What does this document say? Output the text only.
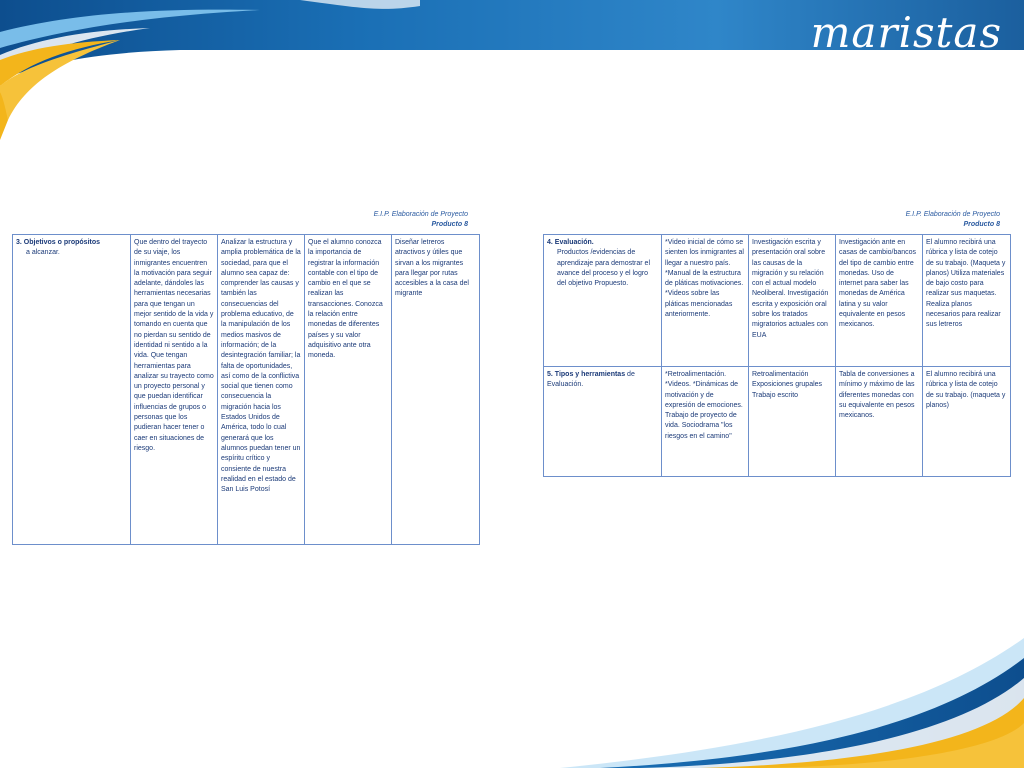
maristas
E.I.P. Elaboración de Proyecto
Producto 8
3. Objetivos o propósitos
a alcanzar.	Que dentro del trayecto de su viaje, los inmigrantes encuentren la motivación para seguir adelante, dándoles las herramientas necesarias para que tengan un mejor sentido de la vida y tomando en cuenta que no pierdan su sentido de identidad ni sentido a la vida. Que tengan herramientas para analizar su trayecto como un proyecto personal y que puedan identificar influencias de grupos o personas que los pudieran hacer tener o caer en situaciones de riesgo.	Analizar la estructura y amplia problemática de la sociedad, para que el alumno sea capaz de: comprender las causas y también las consecuencias del problema educativo, de la manipulación de los medios masivos de información; de la desintegración familiar; la falta de oportunidades, así como de la conflictiva social que tienen como consecuencia la migración hacia los Estados Unidos de América, todo lo cual generará que los alumnos puedan tener un espíritu crítico y consiente de nuestra realidad en el estado de San Luis Potosí	Que el alumno conozca la importancia de registrar la información contable con el tipo de cambio en el que se realizan las transacciones. Conozca la relación entre monedas de diferentes países y su valor adquisitivo ante otra moneda.	Diseñar letreros atractivos y útiles que sirvan a los migrantes para llegar por rutas accesibles a la casa del migrante
E.I.P. Elaboración de Proyecto
Producto 8
4. Evaluación.

Productos /evidencias de aprendizaje para demostrar el avance del proceso y el logro del objetivo Propuesto.	*Video inicial de cómo se sienten los inmigrantes al llegar a nuestro país. *Manual de la estructura de pláticas motivaciones. *Videos sobre las pláticas mencionadas anteriormente.	Investigación escrita y presentación oral sobre las causas de la migración y su relación con el actual modelo Neoliberal. Investigación escrita y exposición oral sobre los tratados migratorios actuales con EUA	Investigación ante en casas de cambio/bancos del tipo de cambio entre monedas. Uso de internet para saber las monedas de América latina y su valor equivalente en pesos mexicanos.	El alumno recibirá una rúbrica y lista de cotejo de su trabajo. (Maqueta y planos) Utiliza materiales de bajo costo para realizar sus maquetas. Realiza planos necesarios para realizar sus letreros
5. Tipos y herramientas de Evaluación.	*Retroalimentación. *Videos. *Dinámicas de motivación y de expresión de emociones. Trabajo de proyecto de vida. Sociodrama "los riesgos en el camino"	Retroalimentación Exposiciones grupales Trabajo escrito	Tabla de conversiones a mínimo y máximo de las diferentes monedas con su equivalente en pesos mexicanos.	El alumno recibirá una rúbrica y lista de cotejo de su trabajo. (maqueta y planos)
